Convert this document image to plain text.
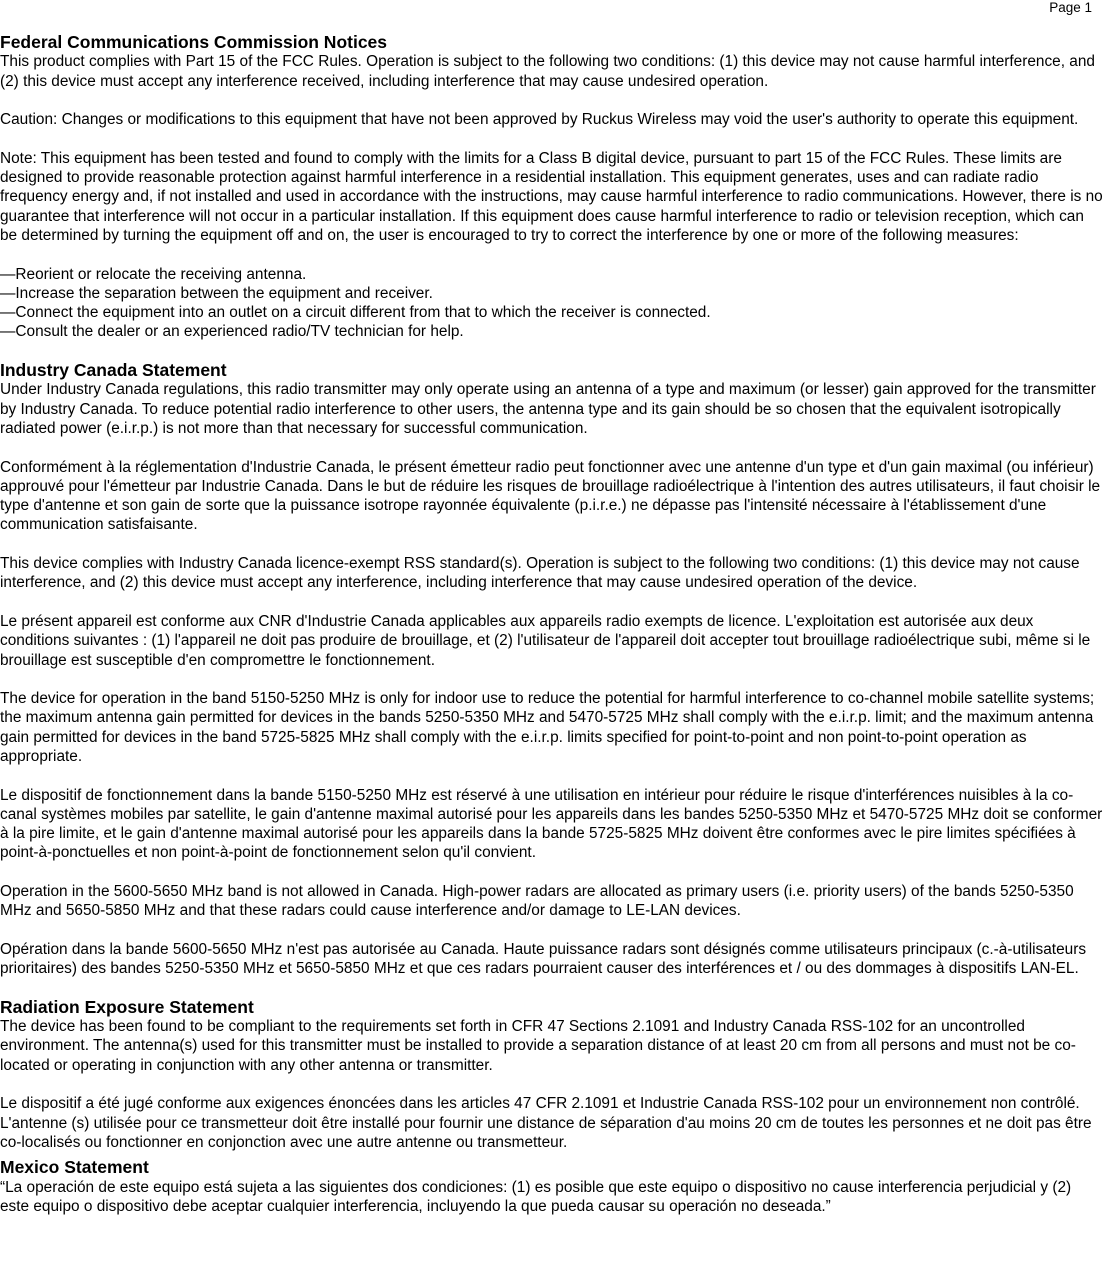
Page 1
Federal Communications Commission Notices

This product complies with Part 15 of the FCC Rules. Operation is subject to the following two conditions: (1) this device may not cause harmful interference, and (2) this device must accept any interference received, including interference that may cause undesired operation.

Caution: Changes or modifications to this equipment that have not been approved by Ruckus Wireless may void the user's authority to operate this equipment.

Note: This equipment has been tested and found to comply with the limits for a Class B digital device, pursuant to part 15 of the FCC Rules. These limits are designed to provide reasonable protection against harmful interference in a residential installation. This equipment generates, uses and can radiate radio frequency energy and, if not installed and used in accordance with the instructions, may cause harmful interference to radio communications. However, there is no guarantee that interference will not occur in a particular installation. If this equipment does cause harmful interference to radio or television reception, which can be determined by turning the equipment off and on, the user is encouraged to try to correct the interference by one or more of the following measures:

—Reorient or relocate the receiving antenna.
—Increase the separation between the equipment and receiver.
—Connect the equipment into an outlet on a circuit different from that to which the receiver is connected.
—Consult the dealer or an experienced radio/TV technician for help.
Industry Canada Statement

Under Industry Canada regulations, this radio transmitter may only operate using an antenna of a type and maximum (or lesser) gain approved for the transmitter by Industry Canada. To reduce potential radio interference to other users, the antenna type and its gain should be so chosen that the equivalent isotropically radiated power (e.i.r.p.) is not more than that necessary for successful communication.

Conformément à la réglementation d'Industrie Canada, le présent émetteur radio peut fonctionner avec une antenne d'un type et d'un gain maximal (ou inférieur) approuvé pour l'émetteur par Industrie Canada. Dans le but de réduire les risques de brouillage radioélectrique à l'intention des autres utilisateurs, il faut choisir le type d'antenne et son gain de sorte que la puissance isotrope rayonnée équivalente (p.i.r.e.) ne dépasse pas l'intensité nécessaire à l'établissement d'une communication satisfaisante.

This device complies with Industry Canada licence-exempt RSS standard(s). Operation is subject to the following two conditions: (1) this device may not cause interference, and (2) this device must accept any interference, including interference that may cause undesired operation of the device.

Le présent appareil est conforme aux CNR d'Industrie Canada applicables aux appareils radio exempts de licence. L'exploitation est autorisée aux deux conditions suivantes : (1) l'appareil ne doit pas produire de brouillage, et (2) l'utilisateur de l'appareil doit accepter tout brouillage radioélectrique subi, même si le brouillage est susceptible d'en compromettre le fonctionnement.

The device for operation in the band 5150-5250 MHz is only for indoor use to reduce the potential for harmful interference to co-channel mobile satellite systems; the maximum antenna gain permitted for devices in the bands 5250-5350 MHz and 5470-5725 MHz shall comply with the e.i.r.p. limit; and the maximum antenna gain permitted for devices in the band 5725-5825 MHz shall comply with the e.i.r.p. limits specified for point-to-point and non point-to-point operation as appropriate.

Le dispositif de fonctionnement dans la bande 5150-5250 MHz est réservé à une utilisation en intérieur pour réduire le risque d'interférences nuisibles à la co-canal systèmes mobiles par satellite, le gain d'antenne maximal autorisé pour les appareils dans les bandes 5250-5350 MHz et 5470-5725 MHz doit se conformer à la pire limite, et le gain d'antenne maximal autorisé pour les appareils dans la bande 5725-5825 MHz doivent être conformes avec le pire limites spécifiées à point-à-ponctuelles et non point-à-point de fonctionnement selon qu'il convient.

Operation in the 5600-5650 MHz band is not allowed in Canada. High-power radars are allocated as primary users (i.e. priority users) of the bands 5250-5350 MHz and 5650-5850 MHz and that these radars could cause interference and/or damage to LE-LAN devices.

Opération dans la bande 5600-5650 MHz n'est pas autorisée au Canada. Haute puissance radars sont désignés comme utilisateurs principaux (c.-à-utilisateurs prioritaires) des bandes 5250-5350 MHz et 5650-5850 MHz et que ces radars pourraient causer des interférences et / ou des dommages à dispositifs LAN-EL.

Radiation Exposure Statement

The device has been found to be compliant to the requirements set forth in CFR 47 Sections 2.1091 and Industry Canada RSS-102 for an uncontrolled environment. The antenna(s) used for this transmitter must be installed to provide a separation distance of at least 20 cm from all persons and must not be co-located or operating in conjunction with any other antenna or transmitter.

Le dispositif a été jugé conforme aux exigences énoncées dans les articles 47 CFR 2.1091 et Industrie Canada RSS-102 pour un environnement non contrôlé. L'antenne (s) utilisée pour ce transmetteur doit être installé pour fournir une distance de séparation d'au moins 20 cm de toutes les personnes et ne doit pas être co-localisés ou fonctionner en conjonction avec une autre antenne ou transmetteur.

Mexico Statement

“La operación de este equipo está sujeta a las siguientes dos condiciones: (1) es posible que este equipo o dispositivo no cause interferencia perjudicial y (2) este equipo o dispositivo debe aceptar cualquier interferencia, incluyendo la que pueda causar su operación no deseada.”
